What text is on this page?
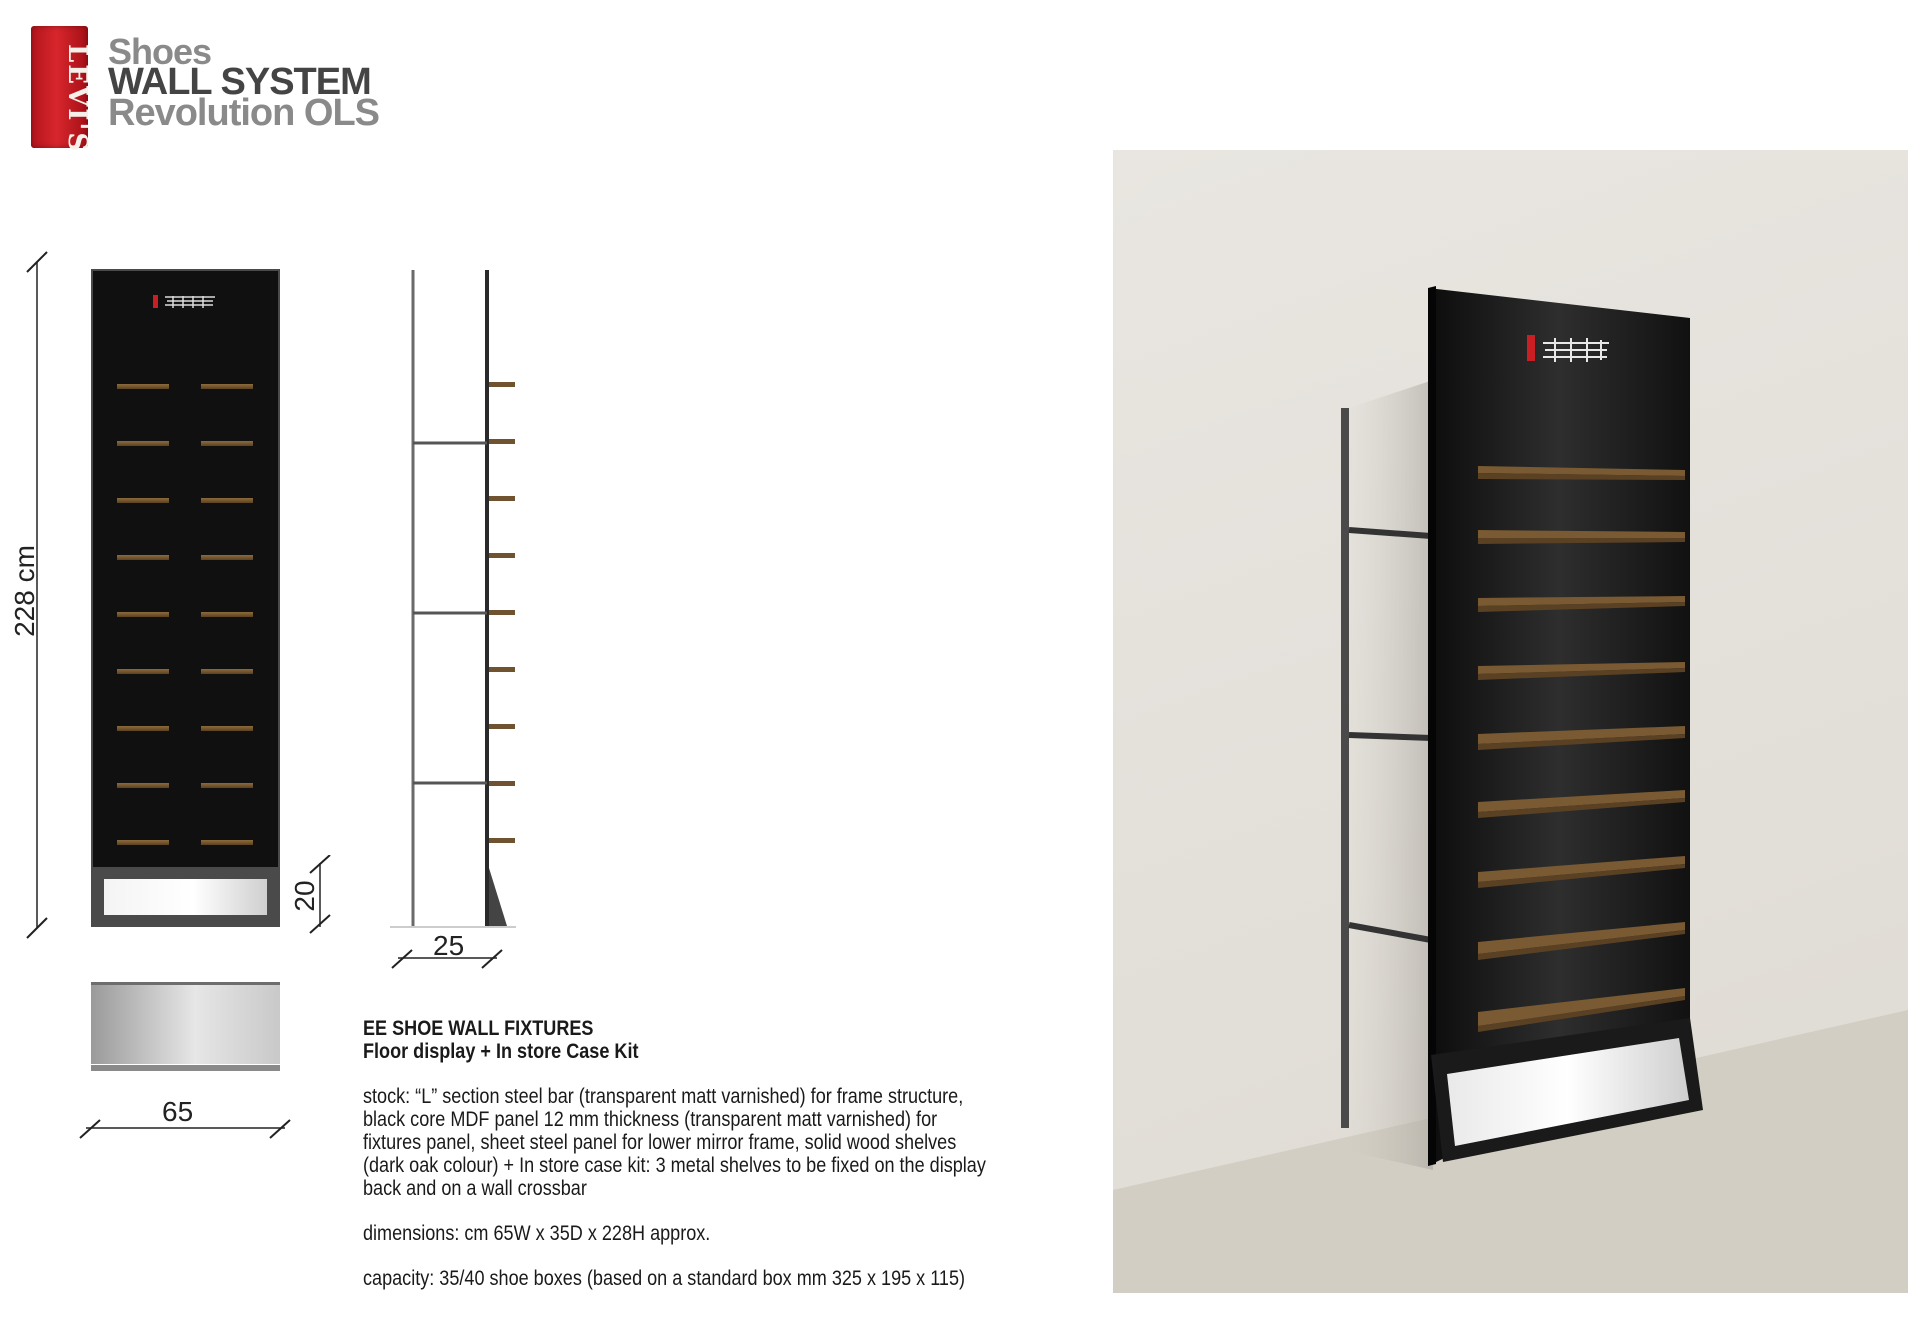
LEVI'S Shoes
WALL SYSTEM
Revolution OLS
228 cm
20
25
65
EE SHOE WALL FIXTURES
Floor display + In store Case Kit

stock: “L” section steel bar (transparent matt varnished) for frame structure, black core MDF panel 12 mm thickness (transparent matt varnished) for fixtures panel, sheet steel panel for lower mirror frame, solid wood shelves (dark oak colour) + In store case kit: 3 metal shelves to be fixed on the display back and on a wall crossbar

dimensions: cm 65W x 35D x 228H approx.

capacity: 35/40 shoe boxes (based on a standard box mm 325 x 195 x 115)
